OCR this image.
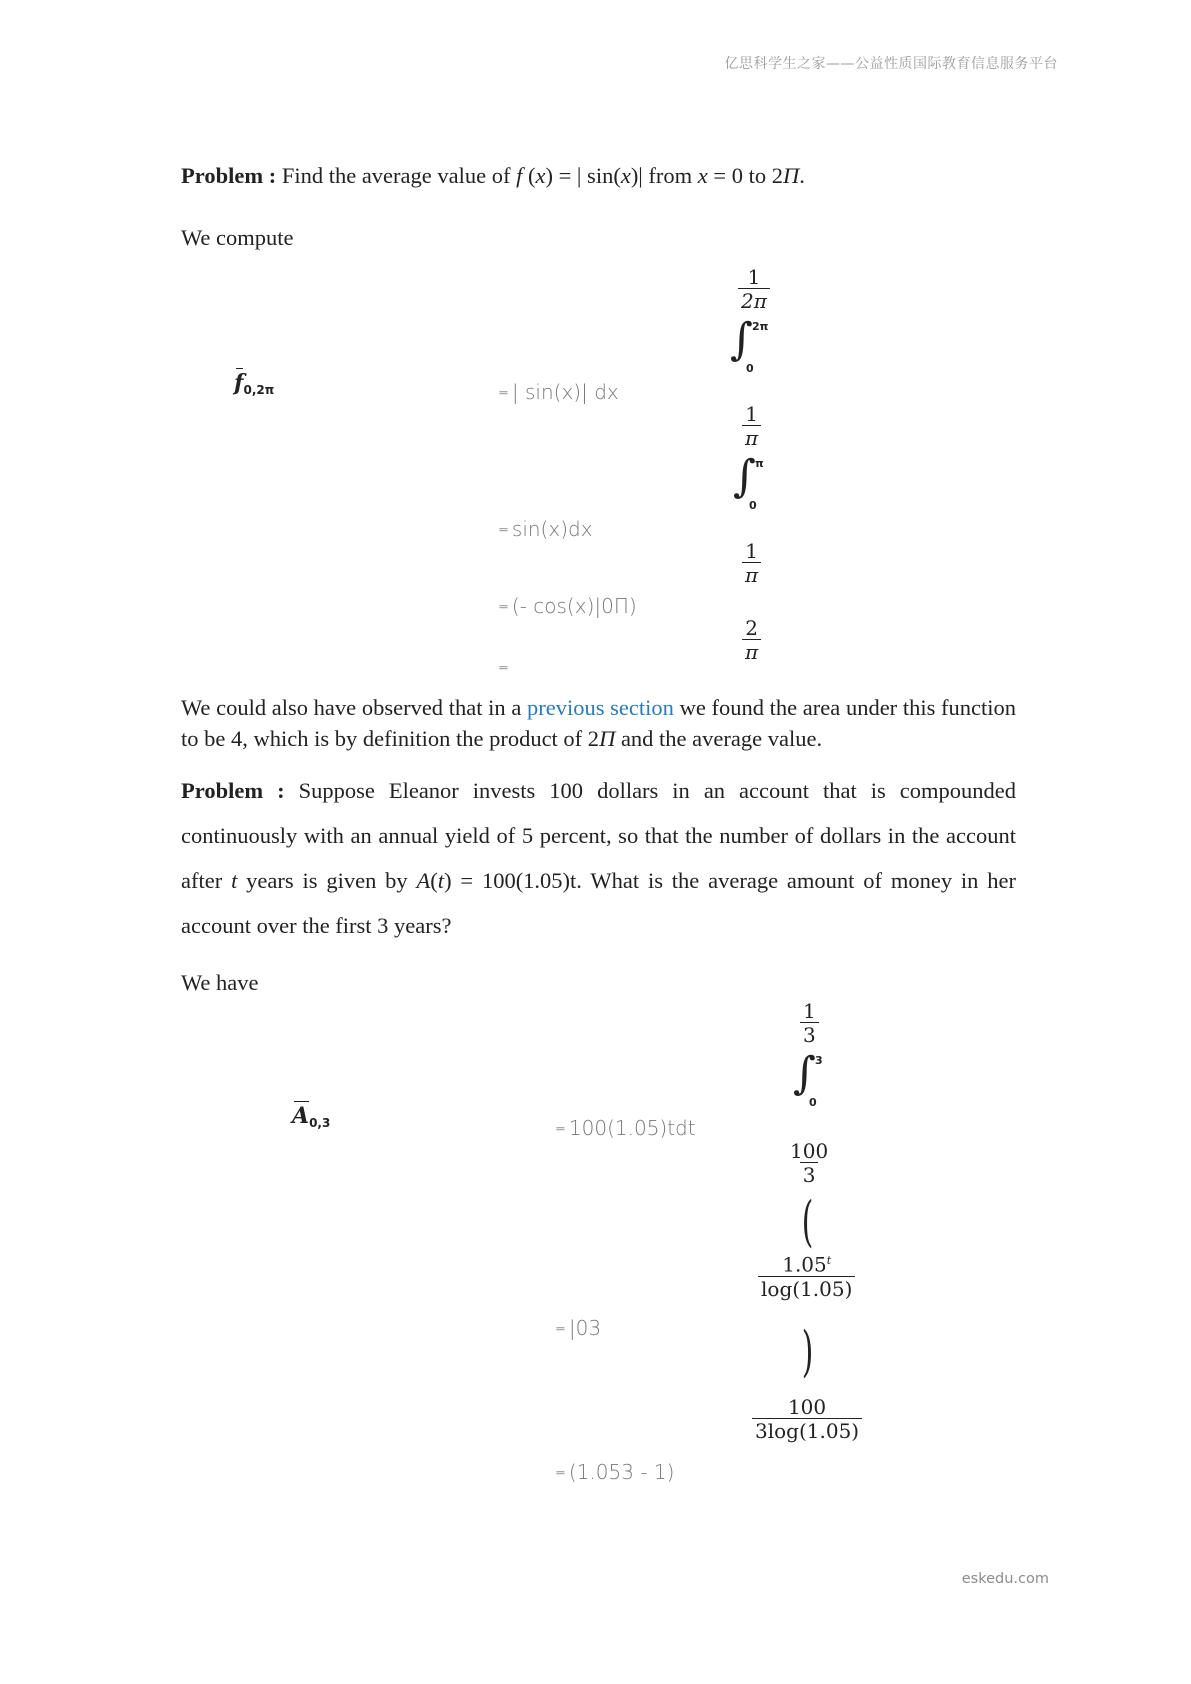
亿思科学生之家——公益性质国际教育信息服务平台
eskedu.com
Problem : Find the average value of f (x) = | sin(x)| from x = 0 to 2Π.
We compute
$f_{0,2\pi}$	= | sin(x)| dx
= sin(x)dx
= (- cos(x)|0Π)
=
$\frac{1}{2\pi}$
∫ 2π
0
$\frac{1}{\pi}$
∫ π
0
$\frac{1}{\pi}$
$\frac{2}{\pi}$
We could also have observed that in a previous section we found the area under this function to be 4, which is by definition the product of 2Π and the average value.
Problem : Suppose Eleanor invests 100 dollars in an account that is compounded continuously with an annual yield of 5 percent, so that the number of dollars in the account after t years is given by A(t) = 100(1.05)t. What is the average amount of money in her account over the first 3 years?
We have
$A_{0,3}$	= 100(1.05)tdt
= |03
= (1.053 - 1)
$\frac{1}{3}$
∫ 3
0
$\frac{100}{3}$
(
$\frac{1.05^t}{\log(1.05)}$
)
$\frac{100}{3\log(1.05)}$
